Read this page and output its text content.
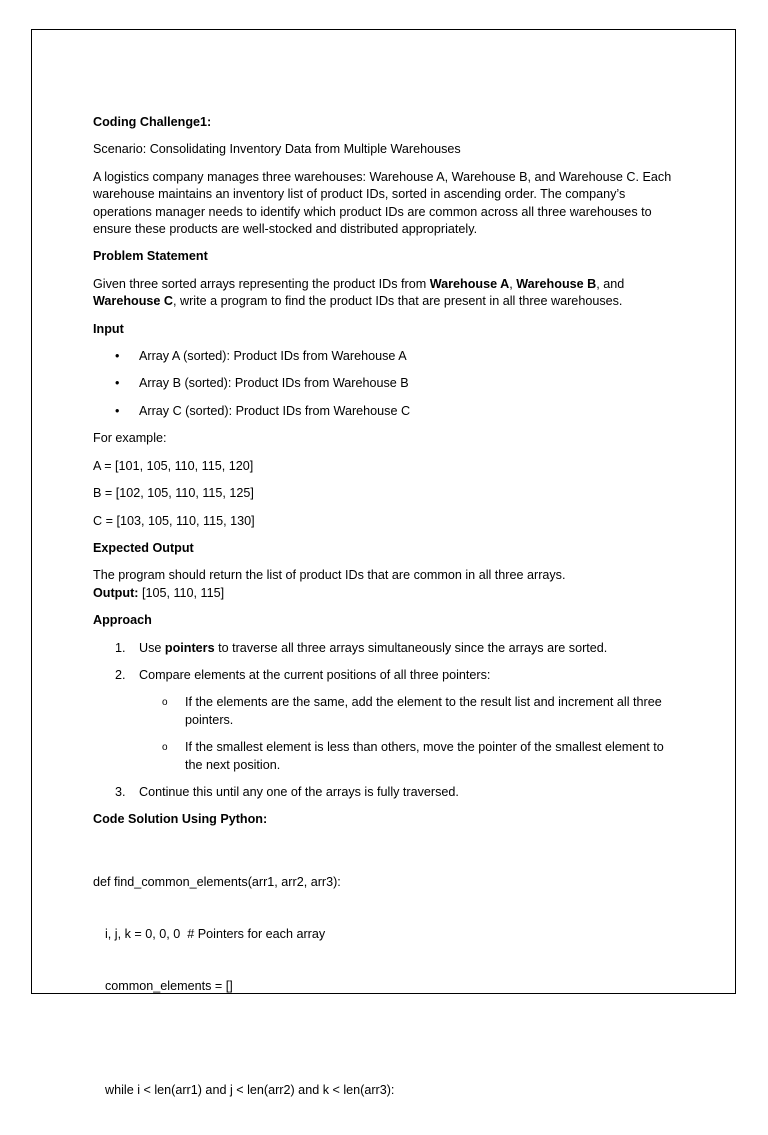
Coding Challenge1:

Scenario: Consolidating Inventory Data from Multiple Warehouses

A logistics company manages three warehouses: Warehouse A, Warehouse B, and Warehouse C. Each warehouse maintains an inventory list of product IDs, sorted in ascending order. The company’s operations manager needs to identify which product IDs are common across all three warehouses to ensure these products are well-stocked and distributed appropriately.

Problem Statement

Given three sorted arrays representing the product IDs from Warehouse A, Warehouse B, and Warehouse C, write a program to find the product IDs that are present in all three warehouses.

Input

• Array A (sorted): Product IDs from Warehouse A
• Array B (sorted): Product IDs from Warehouse B
• Array C (sorted): Product IDs from Warehouse C

For example:

A = [101, 105, 110, 115, 120]

B = [102, 105, 110, 115, 125]

C = [103, 105, 110, 115, 130]

Expected Output

The program should return the list of product IDs that are common in all three arrays.
Output: [105, 110, 115]

Approach

1. Use pointers to traverse all three arrays simultaneously since the arrays are sorted.
2. Compare elements at the current positions of all three pointers:
o If the elements are the same, add the element to the result list and increment all three pointers.
o If the smallest element is less than others, move the pointer of the smallest element to the next position.
3. Continue this until any one of the arrays is fully traversed.

Code Solution Using Python:

def find_common_elements(arr1, arr2, arr3):

i, j, k = 0, 0, 0  # Pointers for each array

common_elements = []

while i < len(arr1) and j < len(arr2) and k < len(arr3):
